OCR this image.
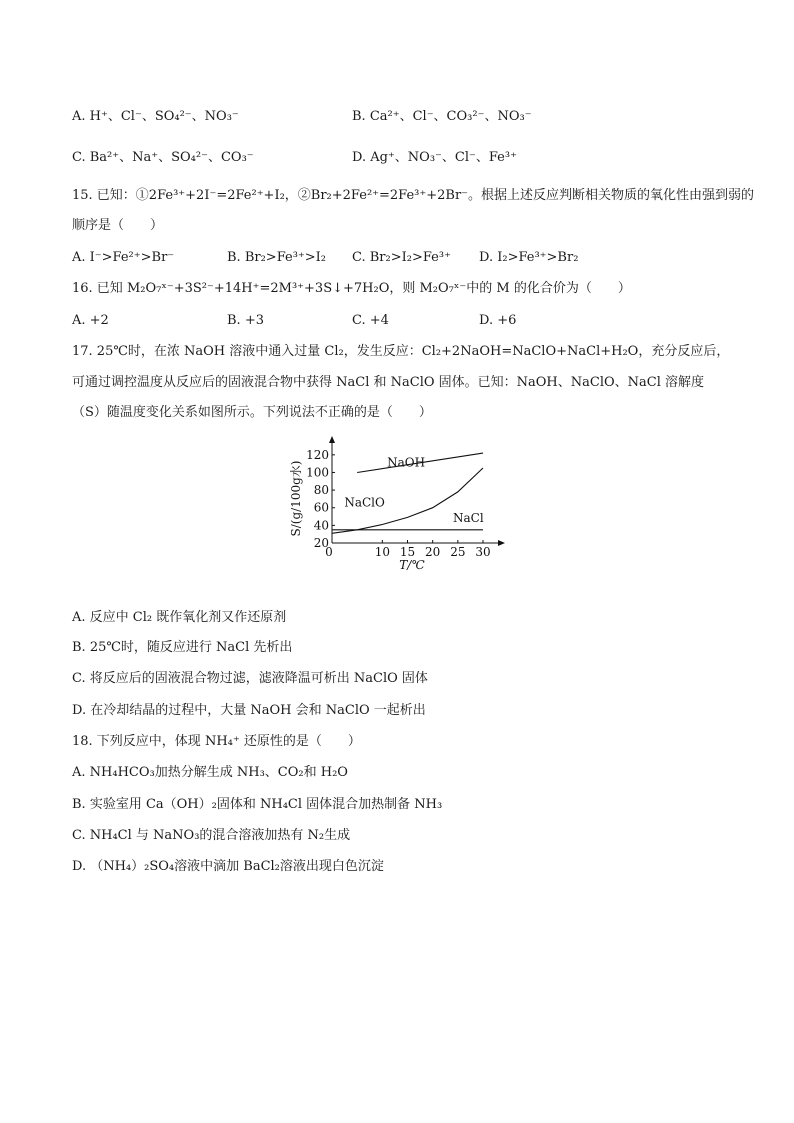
A. H⁺、Cl⁻、SO₄²⁻、NO₃⁻	B. Ca²⁺、Cl⁻、CO₃²⁻、NO₃⁻
C. Ba²⁺、Na⁺、SO₄²⁻、CO₃⁻	D. Ag⁺、NO₃⁻、Cl⁻、Fe³⁺
15. 已知：①2Fe³⁺+2I⁻=2Fe²⁺+I₂，②Br₂+2Fe²⁺=2Fe³⁺+2Br⁻。根据上述反应判断相关物质的氧化性由强到弱的
顺序是（　　）
A. I⁻>Fe²⁺>Br⁻	B. Br₂>Fe³⁺>I₂ C. Br₂>I₂>Fe³⁺ D. I₂>Fe³⁺>Br₂
16. 已知 M₂O₇ˣ⁻+3S²⁻+14H⁺=2M³⁺+3S↓+7H₂O，则 M₂O₇ˣ⁻中的 M 的化合价为（　　）
A. +2	B. +3	C. +4	D. +6
17. 25℃时，在浓 NaOH 溶液中通入过量 Cl₂，发生反应：Cl₂+2NaOH=NaClO+NaCl+H₂O，充分反应后，
可通过调控温度从反应后的固液混合物中获得 NaCl 和 NaClO 固体。已知：NaOH、NaClO、NaCl 溶解度
（S）随温度变化关系如图所示。下列说法不正确的是（　　）
0	10 15 20 25 30
20
40
60
80
100
120
T/℃
S/(g/100g水)	NaOH
NaClO
NaCl
A. 反应中 Cl₂ 既作氧化剂又作还原剂
B. 25℃时，随反应进行 NaCl 先析出
C. 将反应后的固液混合物过滤，滤液降温可析出 NaClO 固体
D. 在冷却结晶的过程中，大量 NaOH 会和 NaClO 一起析出
18. 下列反应中，体现 NH₄⁺ 还原性的是（　　）
A. NH₄HCO₃加热分解生成 NH₃、CO₂和 H₂O
B. 实验室用 Ca（OH）₂固体和 NH₄Cl 固体混合加热制备 NH₃
C. NH₄Cl 与 NaNO₃的混合溶液加热有 N₂生成
D. （NH₄）₂SO₄溶液中滴加 BaCl₂溶液出现白色沉淀
